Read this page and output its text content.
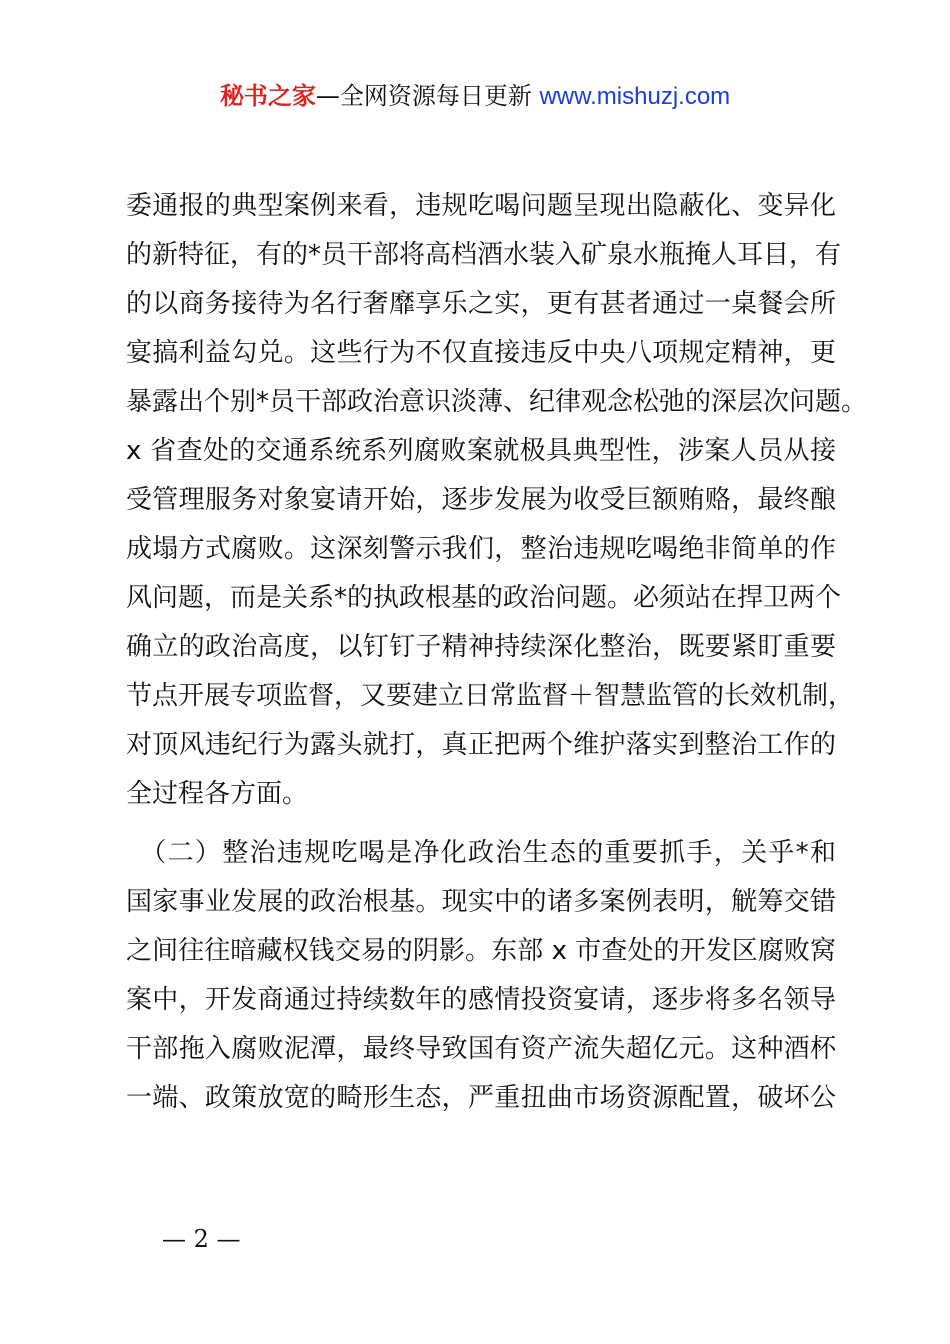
秘书之家—全网资源每日更新 www.mishuzj.com
委通报的典型案例来看，违规吃喝问题呈现出隐蔽化、变异化
的新特征，有的*员干部将高档酒水装入矿泉水瓶掩人耳目，有
的以商务接待为名行奢靡享乐之实，更有甚者通过一桌餐会所
宴搞利益勾兑。这些行为不仅直接违反中央八项规定精神，更
暴露出个别*员干部政治意识淡薄、纪律观念松弛的深层次问题。
x 省查处的交通系统系列腐败案就极具典型性，涉案人员从接
受管理服务对象宴请开始，逐步发展为收受巨额贿赂，最终酿
成塌方式腐败。这深刻警示我们，整治违规吃喝绝非简单的作
风问题，而是关系*的执政根基的政治问题。必须站在捍卫两个
确立的政治高度，以钉钉子精神持续深化整治，既要紧盯重要
节点开展专项监督，又要建立日常监督＋智慧监管的长效机制，
对顶风违纪行为露头就打，真正把两个维护落实到整治工作的
全过程各方面。
　（二）整治违规吃喝是净化政治生态的重要抓手，关乎*和
国家事业发展的政治根基。现实中的诸多案例表明，觥筹交错
之间往往暗藏权钱交易的阴影。东部 x 市查处的开发区腐败窝
案中，开发商通过持续数年的感情投资宴请，逐步将多名领导
干部拖入腐败泥潭，最终导致国有资产流失超亿元。这种酒杯
一端、政策放宽的畸形生态，严重扭曲市场资源配置，破坏公
— 2 —
